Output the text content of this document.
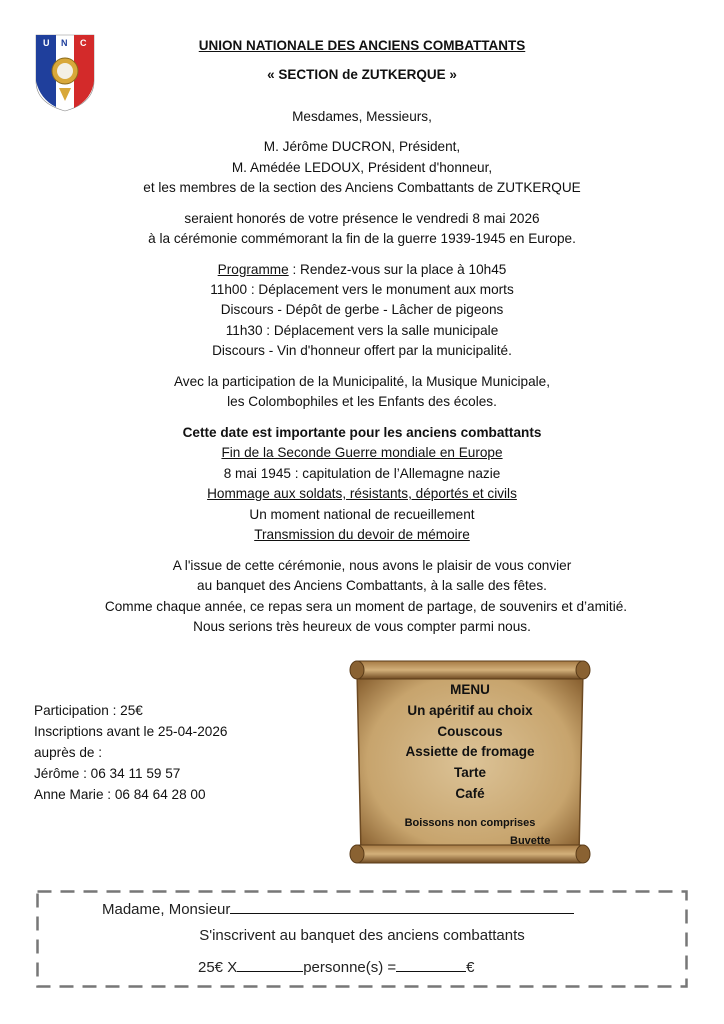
U N C	UNION NATIONALE DES ANCIENS COMBATTANTS
« SECTION de ZUTKERQUE »
Mesdames, Messieurs,
M. Jérôme DUCRON, Président,
M. Amédée LEDOUX, Président d'honneur,
et les membres de la section des Anciens Combattants de ZUTKERQUE
seraient honorés de votre présence le vendredi 8 mai 2026
à la cérémonie commémorant la fin de la guerre 1939-1945 en Europe.
Programme : Rendez-vous sur la place à 10h45
11h00 : Déplacement vers le monument aux morts
Discours - Dépôt de gerbe - Lâcher de pigeons
11h30 : Déplacement vers la salle municipale
Discours - Vin d'honneur offert par la municipalité.
Avec la participation de la Municipalité, la Musique Municipale,
les Colombophiles et les Enfants des écoles.
Cette date est importante pour les anciens combattants
Fin de la Seconde Guerre mondiale en Europe
8 mai 1945 : capitulation de l’Allemagne nazie
Hommage aux soldats, résistants, déportés et civils
Un moment national de recueillement
Transmission du devoir de mémoire
A l'issue de cette cérémonie, nous avons le plaisir de vous convier
au banquet des Anciens Combattants, à la salle des fêtes.
Comme chaque année, ce repas sera un moment de partage, de souvenirs et d’amitié.
Nous serions très heureux de vous compter parmi nous.
Participation : 25€
Inscriptions avant le 25-04-2026
auprès de :
Jérôme : 06 34 11 59 57
Anne Marie : 06 84 64 28 00
MENU
Un apéritif au choix
Couscous
Assiette de fromage
Tarte
Café
Boissons non comprises
Buvette
Madame, Monsieur
S'inscrivent au banquet des anciens combattants
25€ X	personne(s) =	€
